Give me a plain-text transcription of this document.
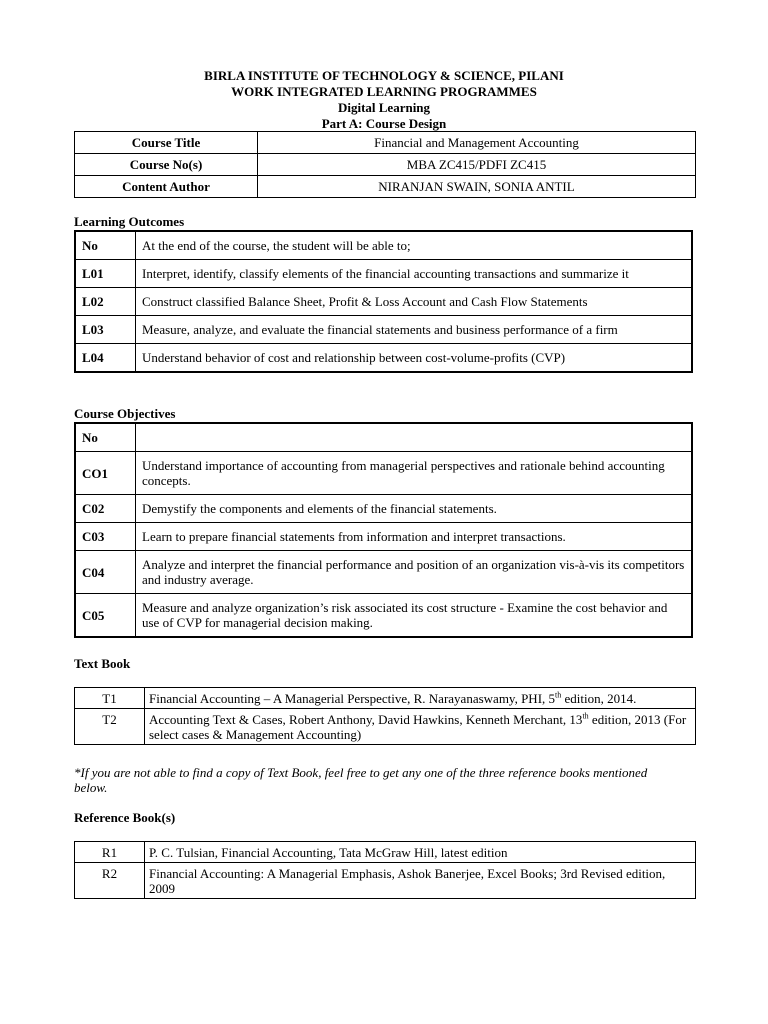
BIRLA INSTITUTE OF TECHNOLOGY & SCIENCE, PILANI
WORK INTEGRATED LEARNING PROGRAMMES
Digital Learning
Part A: Course Design
Course Title	Financial and Management Accounting
Course No(s)	MBA ZC415/PDFI ZC415
Content Author	NIRANJAN SWAIN, SONIA ANTIL
Learning Outcomes
No	At the end of the course, the student will be able to;
L01	Interpret, identify, classify elements of the financial accounting transactions and summarize it
L02	Construct classified Balance Sheet, Profit & Loss Account and Cash Flow Statements
L03	Measure, analyze, and evaluate the financial statements and business performance of a firm
L04	Understand behavior of cost and relationship between cost-volume-profits (CVP)
Course Objectives
No	
CO1	Understand importance of accounting from managerial perspectives and rationale behind accounting concepts.
C02	Demystify the components and elements of the financial statements.
C03	Learn to prepare financial statements from information and interpret transactions.
C04	Analyze and interpret the financial performance and position of an organization vis-à-vis its competitors and industry average.
C05	Measure and analyze organization’s risk associated its cost structure - Examine the cost behavior and use of CVP for managerial decision making.
Text Book
T1	Financial Accounting – A Managerial Perspective, R. Narayanaswamy, PHI, 5th edition, 2014.
T2	Accounting Text & Cases, Robert Anthony, David Hawkins, Kenneth Merchant, 13th edition, 2013 (For select cases & Management Accounting)
*If you are not able to find a copy of Text Book, feel free to get any one of the three reference books mentioned below.
Reference Book(s)
R1	P. C. Tulsian, Financial Accounting, Tata McGraw Hill, latest edition
R2	Financial Accounting: A Managerial Emphasis, Ashok Banerjee, Excel Books; 3rd Revised edition, 2009
